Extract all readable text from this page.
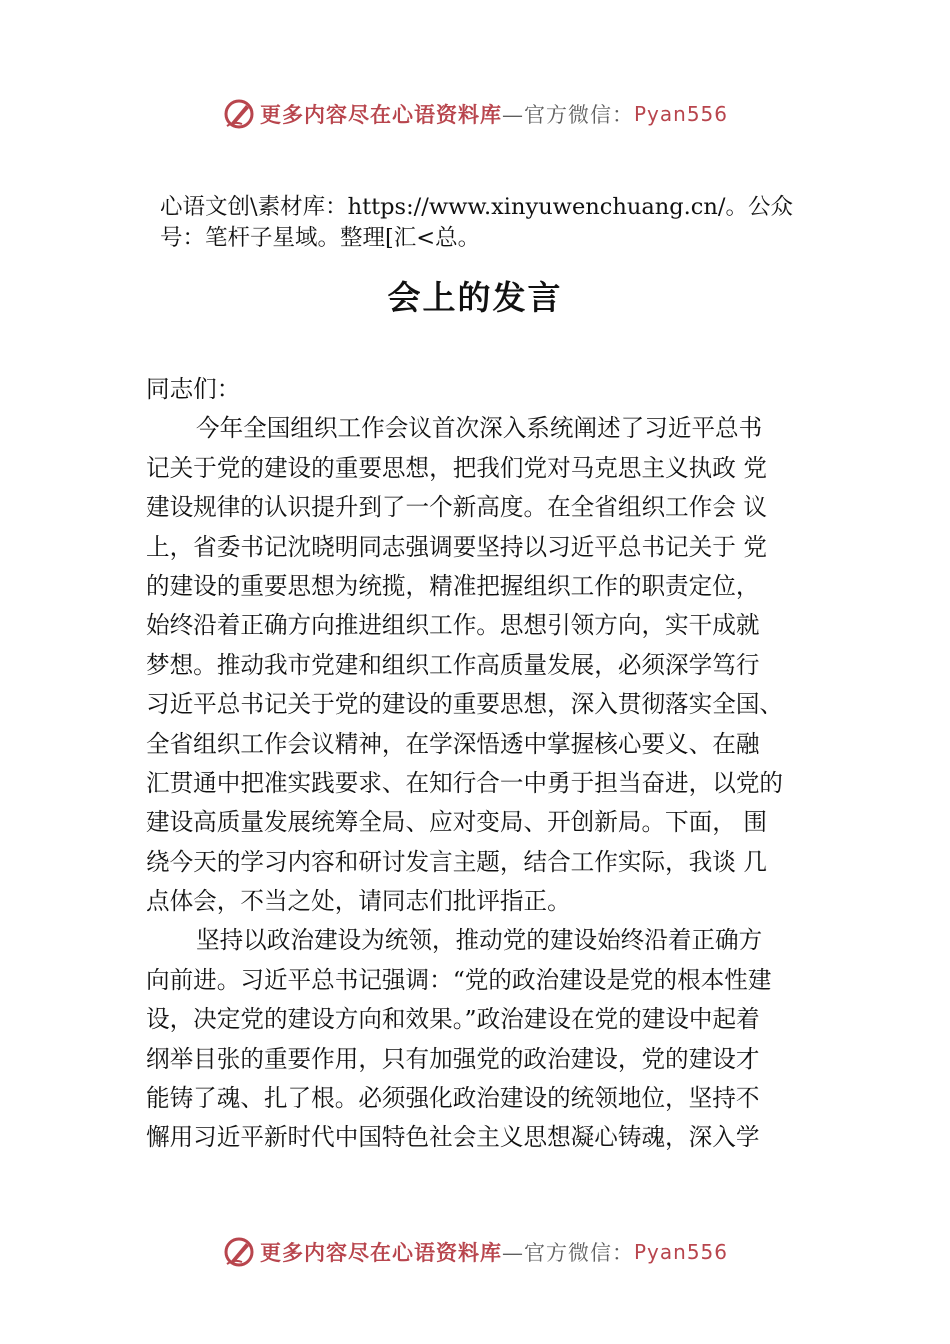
更多内容尽在心语资料库 —官方微信： Pyan556
心语文创\素材库：https://www.xinyuwenchuang.cn/。公众
号：笔杆子星域。整理[汇<总。
会上的发言
同志们：
今年全国组织工作会议首次深入系统阐述了习近平总书
记关于党的建设的重要思想，把我们党对马克思主义执政 党
建设规律的认识提升到了一个新高度。在全省组织工作会 议
上，省委书记沈晓明同志强调要坚持以习近平总书记关于 党
的建设的重要思想为统揽，精准把握组织工作的职责定位，
始终沿着正确方向推进组织工作。思想引领方向，实干成就
梦想。推动我市党建和组织工作高质量发展，必须深学笃行
习近平总书记关于党的建设的重要思想，深入贯彻落实全国、
全省组织工作会议精神，在学深悟透中掌握核心要义、在融
汇贯通中把准实践要求、在知行合一中勇于担当奋进，以党的
建设高质量发展统筹全局、应对变局、开创新局。下面， 围
绕今天的学习内容和研讨发言主题，结合工作实际，我谈 几
点体会，不当之处，请同志们批评指正。
坚持以政治建设为统领，推动党的建设始终沿着正确方
向前进。习近平总书记强调：“党的政治建设是党的根本性建
设，决定党的建设方向和效果。”政治建设在党的建设中起着
纲举目张的重要作用，只有加强党的政治建设，党的建设才
能铸了魂、扎了根。必须强化政治建设的统领地位，坚持不
懈用习近平新时代中国特色社会主义思想凝心铸魂，深入学
更多内容尽在心语资料库 —官方微信： Pyan556
